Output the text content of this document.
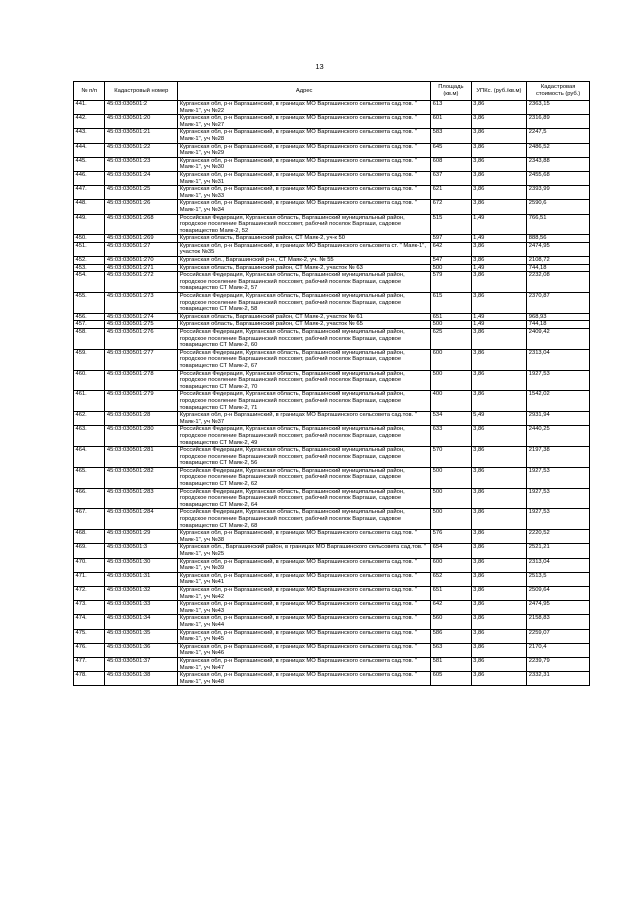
13
№ п/п	Кадастровый номер	Адрес	Площадь (кв.м)	УПКс. (руб./кв.м)	Кадастровая стоимость (руб.)
441.	45:03:030501:2	Курганская обл, р-н Варгашинский, в границах МО Варгашинского сельсовета сад.тов. " Маяк-1", уч №22	613	3,86	2363,15
442.	45:03:030501:20	Курганская обл, р-н Варгашинский, в границах МО Варгашинского сельсовета сад.тов. " Маяк-1", уч №27	601	3,86	2316,89
443.	45:03:030501:21	Курганская обл, р-н Варгашинский, в границах МО Варгашинского сельсовета сад.тов. " Маяк-1", уч №28	583	3,86	2247,5
444.	45:03:030501:22	Курганская обл, р-н Варгашинский, в границах МО Варгашинского сельсовета сад.тов. " Маяк-1", уч №29	645	3,86	2486,52
445.	45:03:030501:23	Курганская обл, р-н Варгашинский, в границах МО Варгашинского сельсовета сад.тов. " Маяк-1", уч №30	608	3,86	2343,88
446.	45:03:030501:24	Курганская обл, р-н Варгашинский, в границах МО Варгашинского сельсовета сад.тов. " Маяк-1", уч №31	637	3,86	2455,68
447.	45:03:030501:25	Курганская обл, р-н Варгашинский, в границах МО Варгашинского сельсовета сад.тов. " Маяк-1", уч №33	621	3,86	2393,99
448.	45:03:030501:26	Курганская обл, р-н Варгашинский, в границах МО Варгашинского сельсовета сад.тов. " Маяк-1", уч №34	672	3,86	2590,6
449.	45:03:030501:268	Российская Федерация, Курганская область, Варгашинский муниципальный район, городское поселение Варгашинский поссовет, рабочий поселок Варгаши, садовое товарищество Маяк-2, 52	515	1,49	766,51
450.	45:03:030501:269	Курганская область, Варгашинский район, СТ Маяк-2, уч-к 50	597	1,49	888,56
451.	45:03:030501:27	Курганская обл, р-н Варгашинский, в границах МО Варгашинского сельсовета ст. " Маяк-1", участок №35	642	3,86	2474,95
452.	45:03:030501:270	Курганская обл., Варгашинский р-н., СТ Маяк-2, уч. № 55	547	3,86	2108,72
453.	45:03:030501:271	Курганская область, Варгашинский район, СТ Маяк-2, участок № 63	500	1,49	744,18
454.	45:03:030501:272	Российская Федерация, Курганская область, Варгашинский муниципальный район, городское поселение Варгашинский поссовет, рабочий поселок Варгаши, садовое товарищество СТ Маяк-2, 57	579	3,86	2232,08
455.	45:03:030501:273	Российская Федерация, Курганская область, Варгашинский муниципальный район, городское поселение Варгашинский поссовет, рабочий поселок Варгаши, садовое товарищество СТ Маяк-2, 58	615	3,86	2370,87
456.	45:03:030501:274	Курганская область, Варгашинский район, СТ Маяк-2, участок № 61	651	1,49	968,93
457.	45:03:030501:275	Курганская область, Варгашинский район, СТ Маяк-2, участок № 65	500	1,49	744,18
458.	45:03:030501:276	Российская Федерация, Курганская область, Варгашинский муниципальный район, городское поселение Варгашинский поссовет, рабочий поселок Варгаши, садовое товарищество СТ Маяк-2, 60	625	3,86	2409,42
459.	45:03:030501:277	Российская Федерация, Курганская область, Варгашинский муниципальный район, городское поселение Варгашинский поссовет, рабочий поселок Варгаши, садовое товарищество СТ Маяк-2, 67	600	3,86	2313,04
460.	45:03:030501:278	Российская Федерация, Курганская область, Варгашинский муниципальный район, городское поселение Варгашинский поссовет, рабочий поселок Варгаши, садовое товарищество СТ Маяк-2, 70	500	3,86	1927,53
461.	45:03:030501:279	Российская Федерация, Курганская область, Варгашинский муниципальный район, городское поселение Варгашинский поссовет, рабочий поселок Варгаши, садовое товарищество СТ Маяк-2, 71	400	3,86	1542,02
462.	45:03:030501:28	Курганская обл, р-н Варгашинский, в границах МО Варгашинского сельсовета сад.тов. " Маяк-1", уч №37	534	5,49	2931,94
463.	45:03:030501:280	Российская Федерация, Курганская область, Варгашинский муниципальный район, городское поселение Варгашинский поссовет, рабочий поселок Варгаши, садовое товарищество СТ Маяк-2, 49	633	3,86	2440,25
464.	45:03:030501:281	Российская Федерация, Курганская область, Варгашинский муниципальный район, городское поселение Варгашинский поссовет, рабочий поселок Варгаши, садовое товарищество СТ Маяк-2, 56	570	3,86	2197,38
465.	45:03:030501:282	Российская Федерация, Курганская область, Варгашинский муниципальный район, городское поселение Варгашинский поссовет, рабочий поселок Варгаши, садовое товарищество СТ Маяк-2, 62	500	3,86	1927,53
466.	45:03:030501:283	Российская Федерация, Курганская область, Варгашинский муниципальный район, городское поселение Варгашинский поссовет, рабочий поселок Варгаши, садовое товарищество СТ Маяк-2, 64	500	3,86	1927,53
467.	45:03:030501:284	Российская Федерация, Курганская область, Варгашинский муниципальный район, городское поселение Варгашинский поссовет, рабочий поселок Варгаши, садовое товарищество СТ Маяк-2, 68	500	3,86	1927,53
468.	45:03:030501:29	Курганская обл, р-н Варгашинский, в границах МО Варгашинского сельсовета сад.тов. " Маяк-1", уч №38	576	3,86	2220,52
469.	45:03:030501:3	Курганская обл., Варгашинский район, в границах МО Варгашинского сельсовета сад.тов. " Маяк-1", уч №25	654	3,86	2521,21
470.	45:03:030501:30	Курганская обл, р-н Варгашинский, в границах МО Варгашинского сельсовета сад.тов. " Маяк-1", уч №39	600	3,86	2313,04
471.	45:03:030501:31	Курганская обл, р-н Варгашинский, в границах МО Варгашинского сельсовета сад.тов. " Маяк-1", уч №41	652	3,86	2513,5
472.	45:03:030501:32	Курганская обл, р-н Варгашинский, в границах МО Варгашинского сельсовета сад.тов. " Маяк-1", уч №42	651	3,86	2509,64
473.	45:03:030501:33	Курганская обл, р-н Варгашинский, в границах МО Варгашинского сельсовета сад.тов. " Маяк-1", уч №43	642	3,86	2474,95
474.	45:03:030501:34	Курганская обл, р-н Варгашинский, в границах МО Варгашинского сельсовета сад.тов. " Маяк-1", уч №44	560	3,86	2158,83
475.	45:03:030501:35	Курганская обл, р-н Варгашинский, в границах МО Варгашинского сельсовета сад.тов. " Маяк-1", уч №45	586	3,86	2259,07
476.	45:03:030501:36	Курганская обл, р-н Варгашинский, в границах МО Варгашинского сельсовета сад.тов. " Маяк-1", уч №46	563	3,86	2170,4
477.	45:03:030501:37	Курганская обл, р-н Варгашинский, в границах МО Варгашинского сельсовета сад.тов. " Маяк-1", уч №47	581	3,86	2239,79
478.	45:03:030501:38	Курганская обл, р-н Варгашинский, в границах МО Варгашинского сельсовета сад.тов. " Маяк-1", уч №48	605	3,86	2332,31
